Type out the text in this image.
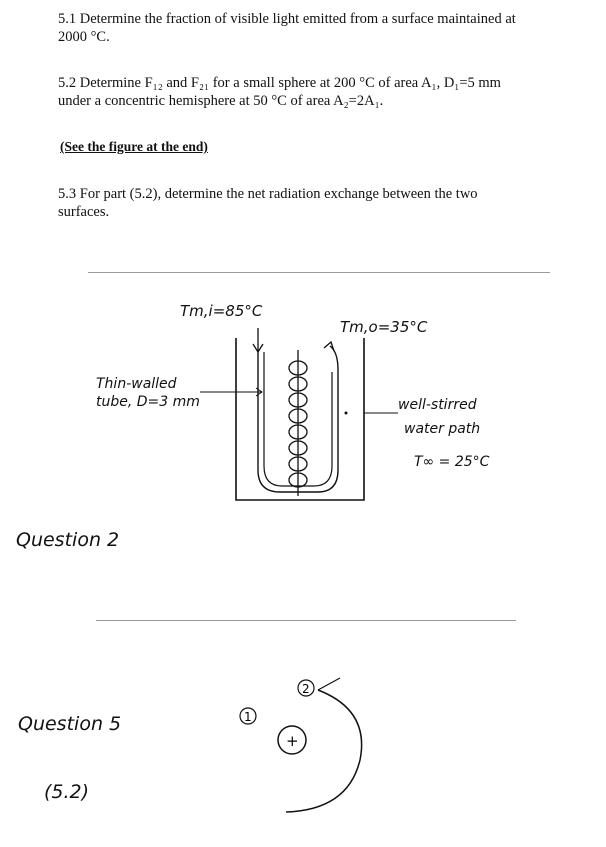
5.1 Determine the fraction of visible light emitted from a surface maintained at
2000 °C.
5.2 Determine F₁₂ and F₂₁ for a small sphere at 200 °C of area A₁, D₁=5 mm
under a concentric hemisphere at 50 °C of area A₂=2A₁.
(See the figure at the end)
5.3 For part (5.2), determine the net radiation exchange between the two
surfaces.
Tm,i=85°C
Tm,o=35°C
Thin-walled
tube, D=3 mm	well-stirred
water path
T∞ = 25°C
Question 2
Question 5
(5.2)
1
+
2
